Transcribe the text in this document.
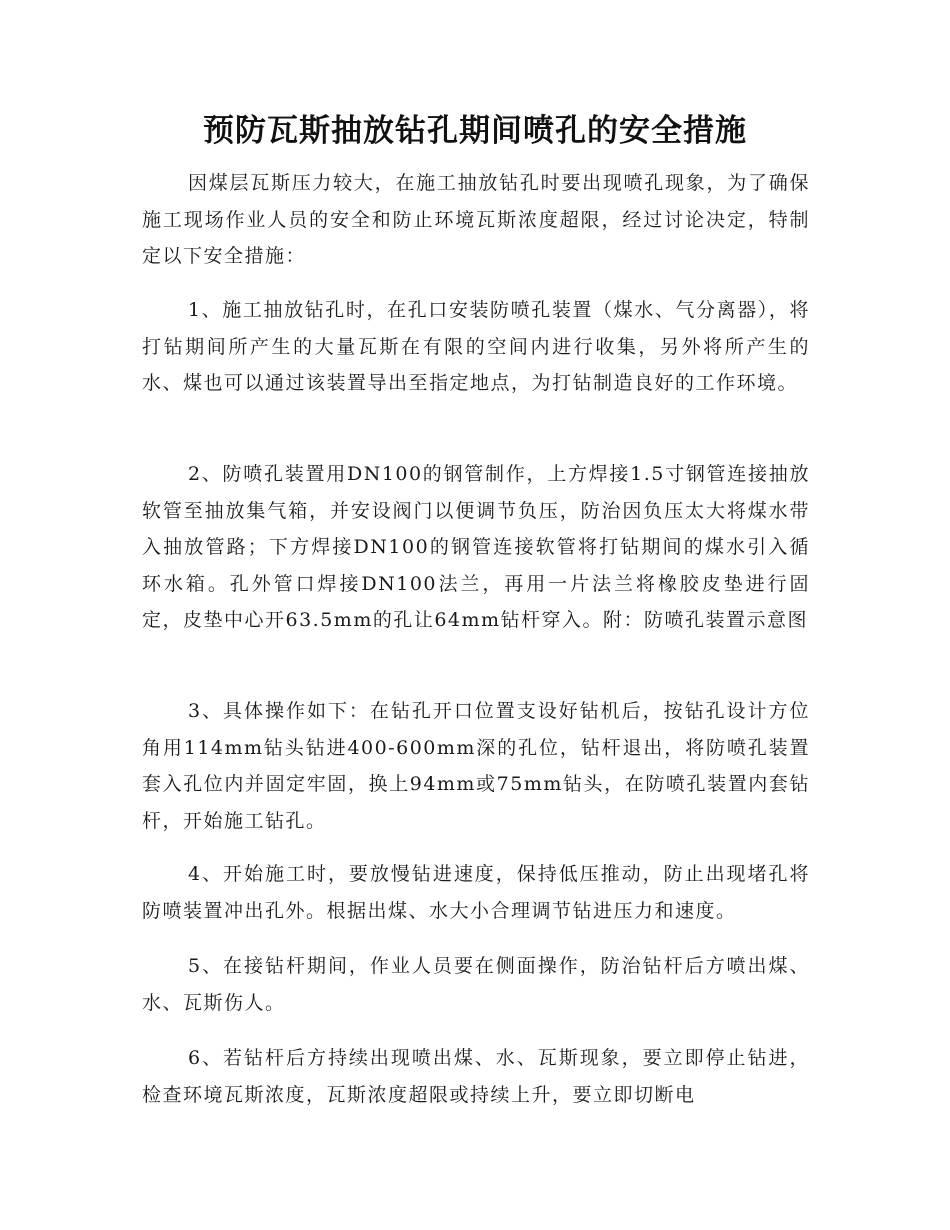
预防瓦斯抽放钻孔期间喷孔的安全措施

因煤层瓦斯压力较大，在施工抽放钻孔时要出现喷孔现象，为了确保施工现场作业人员的安全和防止环境瓦斯浓度超限，经过讨论决定，特制定以下安全措施：

1、施工抽放钻孔时，在孔口安装防喷孔装置（煤水、气分离器），将打钻期间所产生的大量瓦斯在有限的空间内进行收集，另外将所产生的水、煤也可以通过该装置导出至指定地点，为打钻制造良好的工作环境。

2、防喷孔装置用DN100的钢管制作，上方焊接1.5寸钢管连接抽放软管至抽放集气箱，并安设阀门以便调节负压，防治因负压太大将煤水带入抽放管路；下方焊接DN100的钢管连接软管将打钻期间的煤水引入循环水箱。孔外管口焊接DN100法兰，再用一片法兰将橡胶皮垫进行固定，皮垫中心开63.5mm的孔让64mm钻杆穿入。附：防喷孔装置示意图

3、具体操作如下：在钻孔开口位置支设好钻机后，按钻孔设计方位角用114mm钻头钻进400-600mm深的孔位，钻杆退出，将防喷孔装置套入孔位内并固定牢固，换上94mm或75mm钻头，在防喷孔装置内套钻杆，开始施工钻孔。

4、开始施工时，要放慢钻进速度，保持低压推动，防止出现堵孔将防喷装置冲出孔外。根据出煤、水大小合理调节钻进压力和速度。

5、在接钻杆期间，作业人员要在侧面操作，防治钻杆后方喷出煤、水、瓦斯伤人。

6、若钻杆后方持续出现喷出煤、水、瓦斯现象，要立即停止钻进，检查环境瓦斯浓度，瓦斯浓度超限或持续上升，要立即切断电
